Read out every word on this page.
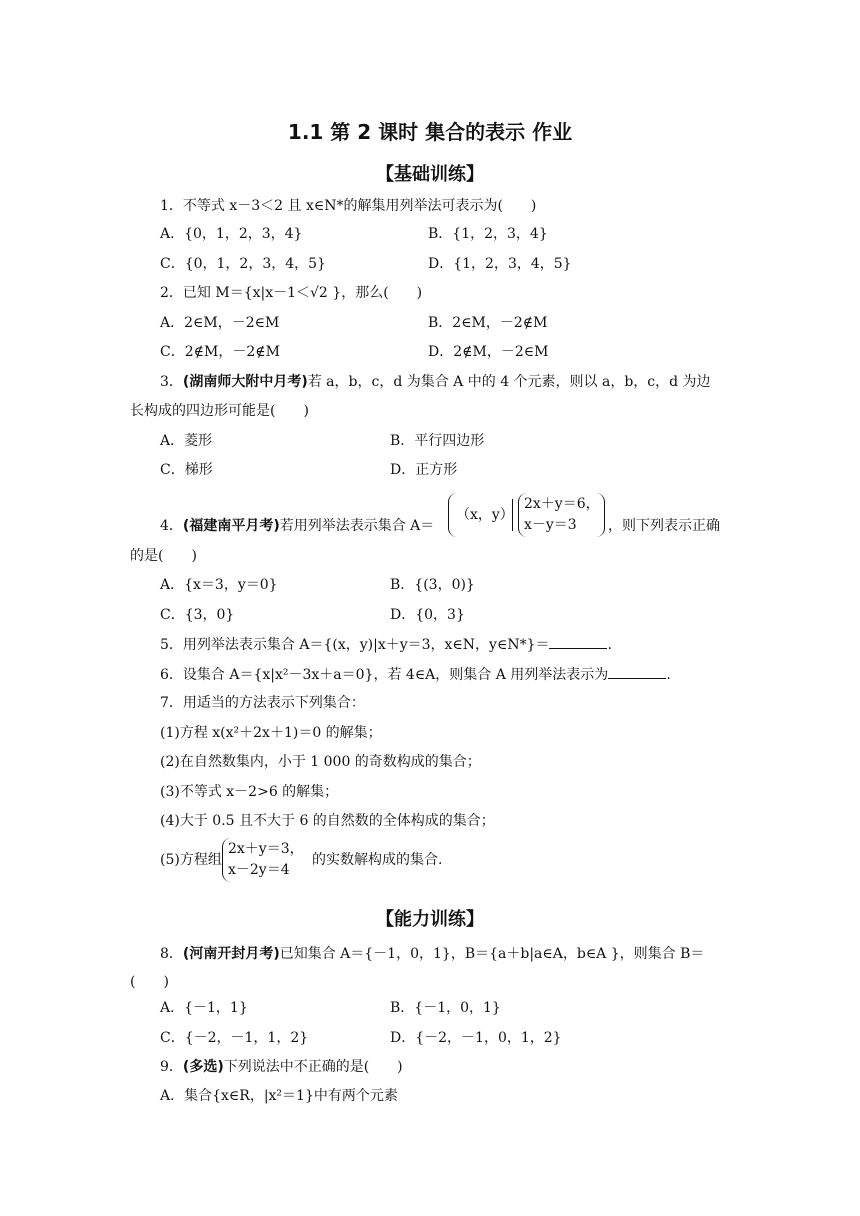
1.1 第 2 课时 集合的表示 作业
【基础训练】
1．不等式 x－3＜2 且 x∈N*的解集用列举法可表示为(　　)
A．{0，1，2，3，4}	B．{1，2，3，4}
C．{0，1，2，3，4，5}	D．{1，2，3，4，5}
2．已知 M＝{x|x－1＜√2 }，那么(　　)
A．2∈M，－2∈M	B．2∈M，－2∉M
C．2∉M，－2∉M	D．2∉M，－2∈M
3．(湖南师大附中月考)若 a，b，c，d 为集合 A 中的 4 个元素，则以 a，b，c，d 为边
长构成的四边形可能是(　　)
A．菱形	B．平行四边形
C．梯形	D．正方形
4．(福建南平月考)若用列举法表示集合 A＝
（x，y）
2x＋y＝6，
x－y＝3 ，则下列表示正确
的是(　　)
A．{x＝3，y＝0}	B．{(3，0)}
C．{3，0}	D．{0，3}
5．用列举法表示集合 A＝{(x，y)|x＋y＝3，x∈N，y∈N*}＝	.
6．设集合 A＝{x|x²－3x＋a＝0}，若 4∈A，则集合 A 用列举法表示为	.
7．用适当的方法表示下列集合：
(1)方程 x(x²＋2x＋1)＝0 的解集；
(2)在自然数集内，小于 1 000 的奇数构成的集合；
(3)不等式 x－2>6 的解集；
(4)大于 0.5 且不大于 6 的自然数的全体构成的集合；
(5)方程组
2x＋y＝3，
x－2y＝4
的实数解构成的集合.
【能力训练】
8．(河南开封月考)已知集合 A＝{－1，0，1}，B＝{a＋b|a∈A，b∈A }，则集合 B＝
(　　)
A．{－1，1}	B．{－1，0，1}
C．{－2，－1，1，2}	D．{－2，－1，0，1，2}
9．(多选)下列说法中不正确的是(　　)
A．集合{x∈R，|x²＝1}中有两个元素
